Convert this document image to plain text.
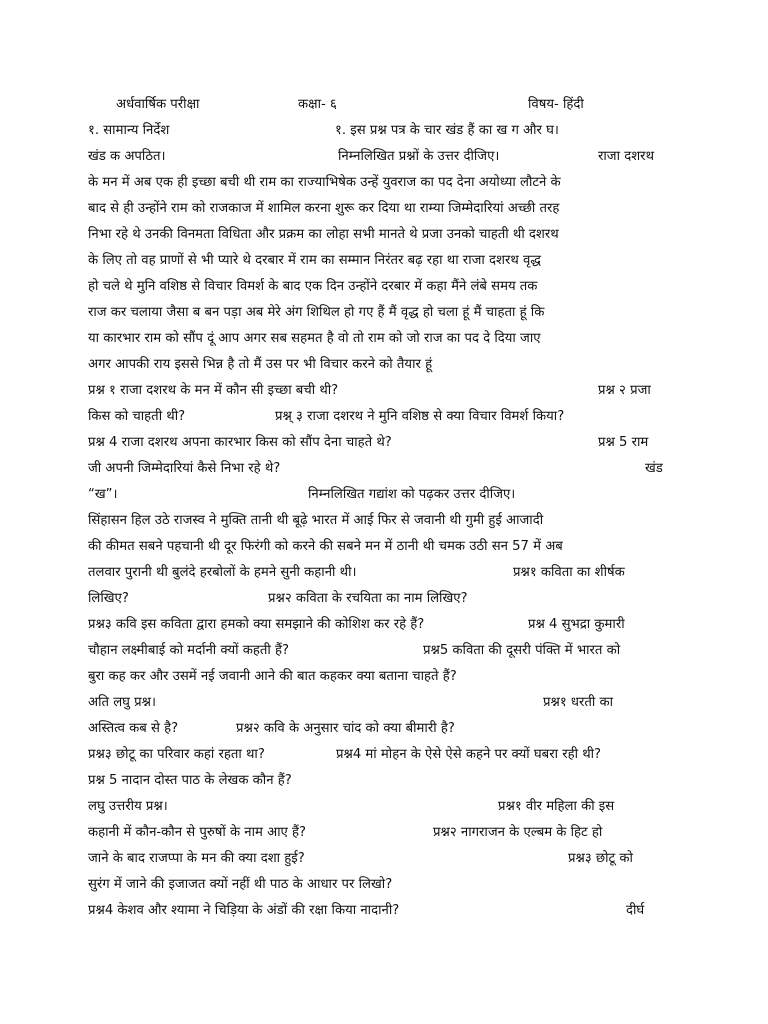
अर्धवार्षिक परीक्षा	कक्षा- ६	विषय- हिंदी
१. सामान्य निर्देश	१. इस प्रश्न पत्र के चार खंड हैं का ख ग और घ।
खंड क अपठित।	निम्नलिखित प्रश्नों के उत्तर दीजिए।	राजा दशरथ
के मन में अब एक ही इच्छा बची थी राम का राज्याभिषेक उन्हें युवराज का पद देना अयोध्या लौटने के
बाद से ही उन्होंने राम को राजकाज में शामिल करना शुरू कर दिया था राम्या जिम्मेदारियां अच्छी तरह
निभा रहे थे उनकी विनमता विधिता और प्रक्रम का लोहा सभी मानते थे प्रजा उनको चाहती थी दशरथ
के लिए तो वह प्राणों से भी प्यारे थे दरबार में राम का सम्मान निरंतर बढ़ रहा था राजा दशरथ वृद्ध
हो चले थे मुनि वशिष्ठ से विचार विमर्श के बाद एक दिन उन्होंने दरबार में कहा मैंने लंबे समय तक
राज कर चलाया जैसा ब बन पड़ा अब मेरे अंग शिथिल हो गए हैं मैं वृद्ध हो चला हूं मैं चाहता हूं कि
या कारभार राम को सौंप दूं आप अगर सब सहमत है वो तो राम को जो राज का पद दे दिया जाए
अगर आपकी राय इससे भिन्न है तो मैं उस पर भी विचार करने को तैयार हूं
प्रश्न १ राजा दशरथ के मन में कौन सी इच्छा बची थी?	प्रश्न २ प्रजा
किस को चाहती थी?	प्रश्न् ३ राजा दशरथ ने मुनि वशिष्ठ से क्या विचार विमर्श किया?
प्रश्न 4 राजा दशरथ अपना कारभार किस को सौंप देना चाहते थे?	प्रश्न 5 राम
जी अपनी जिम्मेदारियां कैसे निभा रहे थे?	खंड
“ख”।	निम्नलिखित गद्यांश को पढ़कर उत्तर दीजिए।
सिंहासन हिल उठे राजस्व ने मुक्ति तानी थी बूढ़े भारत में आई फिर से जवानी थी गुमी हुई आजादी
की कीमत सबने पहचानी थी दूर फिरंगी को करने की सबने मन में ठानी थी चमक उठी सन 57 में अब
तलवार पुरानी थी बुलंदे हरबोलों के हमने सुनी कहानी थी।	प्रश्न१ कविता का शीर्षक
लिखिए?	प्रश्न२ कविता के रचयिता का नाम लिखिए?
प्रश्न३ कवि इस कविता द्वारा हमको क्या समझाने की कोशिश कर रहे हैं?	प्रश्न 4 सुभद्रा कुमारी
चौहान लक्ष्मीबाई को मर्दानी क्यों कहती हैं?	प्रश्न5 कविता की दूसरी पंक्ति में भारत को
बुरा कह कर और उसमें नई जवानी आने की बात कहकर क्या बताना चाहते हैं?
अति लघु प्रश्न।	प्रश्न१ धरती का
अस्तित्व कब से है?	प्रश्न२ कवि के अनुसार चांद को क्या बीमारी है?
प्रश्न३ छोटू का परिवार कहां रहता था?	प्रश्न4 मां मोहन के ऐसे ऐसे कहने पर क्यों घबरा रही थी?
प्रश्न 5 नादान दोस्त पाठ के लेखक कौन हैं?
लघु उत्तरीय प्रश्न।	प्रश्न१ वीर महिला की इस
कहानी में कौन-कौन से पुरुषों के नाम आए हैं?	प्रश्न२ नागराजन के एल्बम के हिट हो
जाने के बाद राजप्पा के मन की क्या दशा हुई?	प्रश्न३ छोटू को
सुरंग में जाने की इजाजत क्यों नहीं थी पाठ के आधार पर लिखो?
प्रश्न4 केशव और श्यामा ने चिड़िया के अंडों की रक्षा किया नादानी?	दीर्घ
